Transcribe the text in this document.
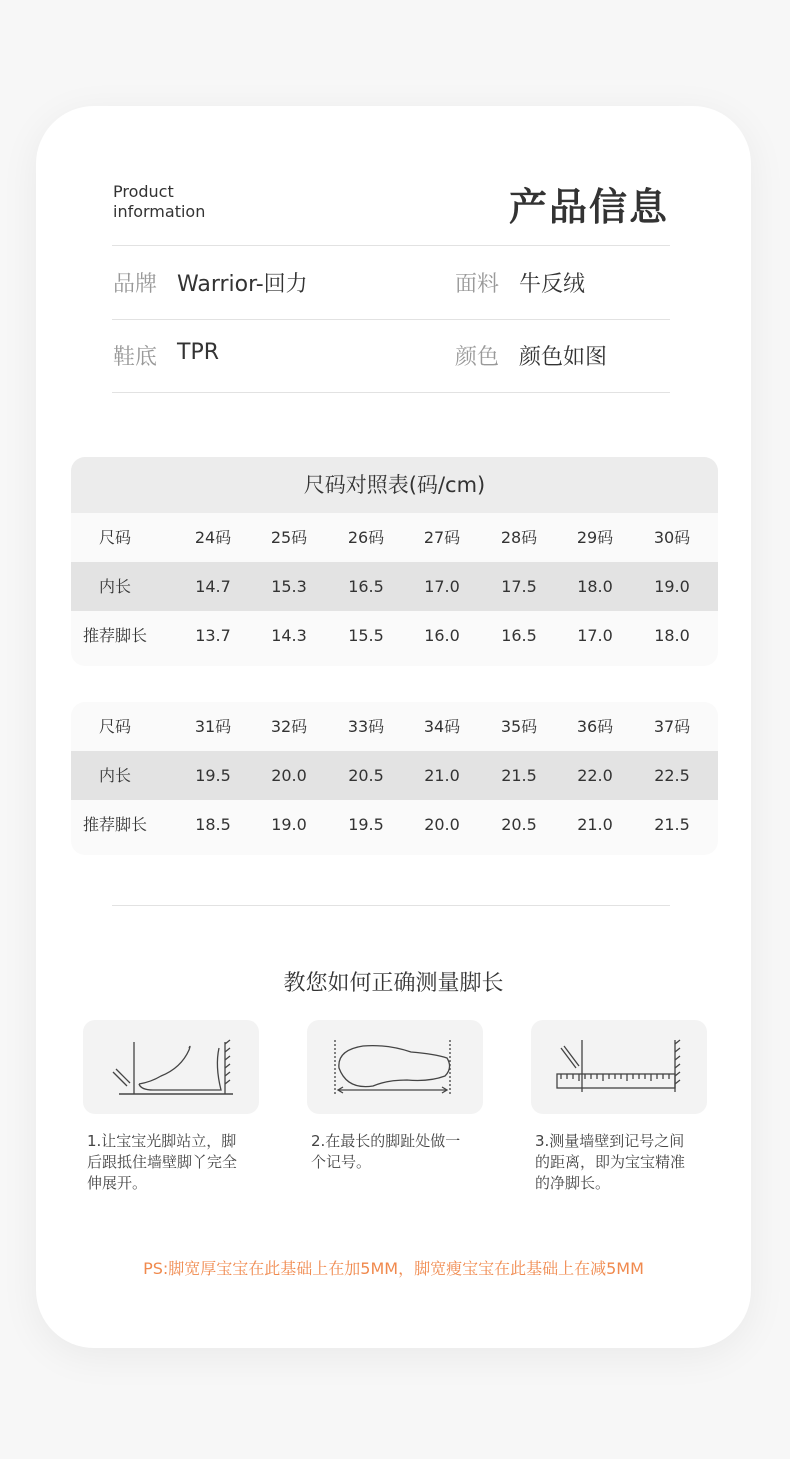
Product
information	产品信息
品牌 Warrior-回力	面料 牛反绒
鞋底 TPR	颜色 颜色如图
尺码对照表(码/cm)
尺码	24码	25码	26码	27码	28码	29码	30码
内长	14.7	15.3	16.5	17.0	17.5	18.0	19.0
推荐脚长	13.7	14.3	15.5	16.0	16.5	17.0	18.0
尺码	31码	32码	33码	34码	35码	36码	37码
内长	19.5	20.0	20.5	21.0	21.5	22.0	22.5
推荐脚长	18.5	19.0	19.5	20.0	20.5	21.0	21.5
教您如何正确测量脚长
1.让宝宝光脚站立，脚
后跟抵住墙壁脚丫完全
伸展开。
2.在最长的脚趾处做一
个记号。
3.测量墙壁到记号之间
的距离，即为宝宝精准
的净脚长。
PS:脚宽厚宝宝在此基础上在加5MM，脚宽瘦宝宝在此基础上在减5MM
